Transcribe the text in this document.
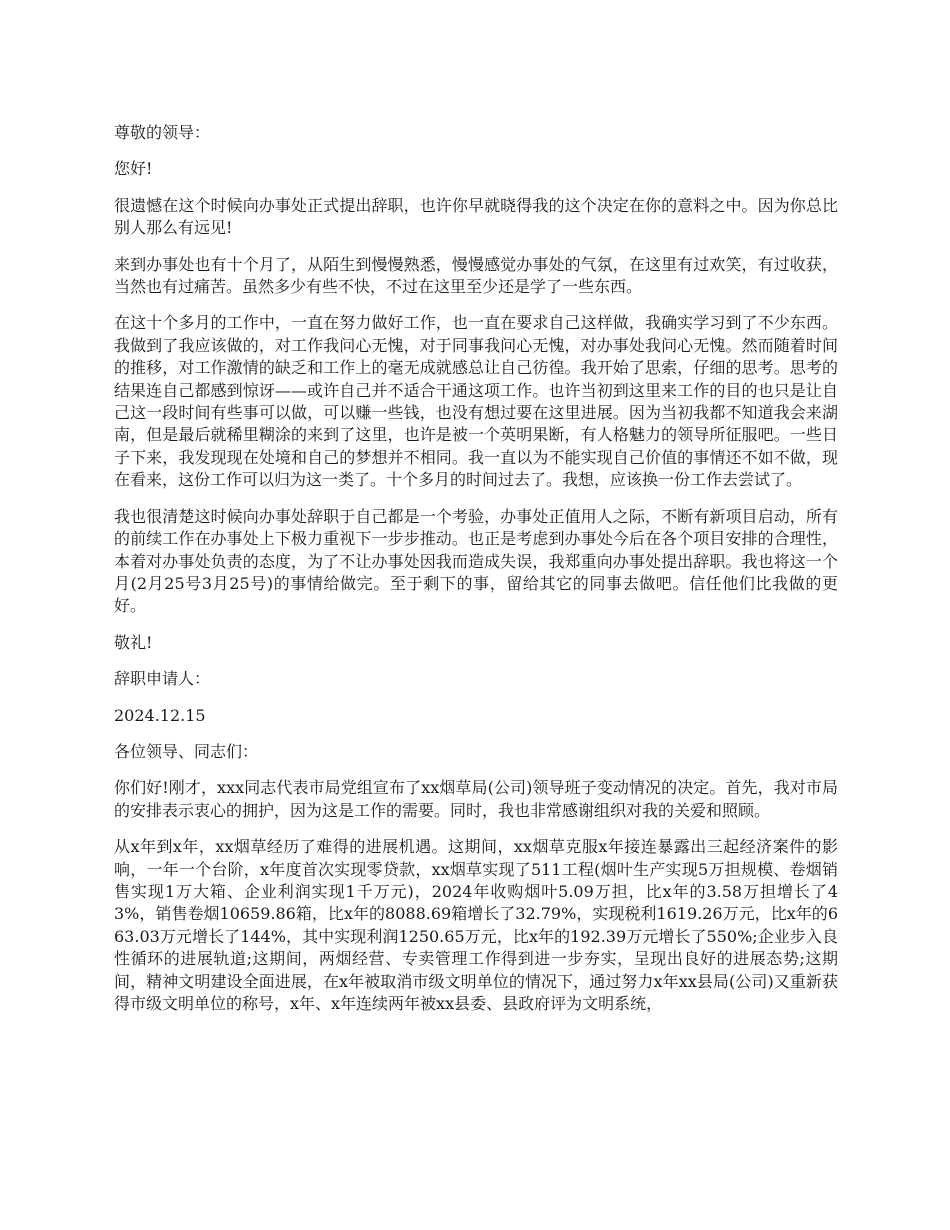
尊敬的领导：

您好!

很遗憾在这个时候向办事处正式提出辞职，也许你早就晓得我的这个决定在你的意料之中。因为你总比别人那么有远见!

来到办事处也有十个月了，从陌生到慢慢熟悉，慢慢感觉办事处的气氛，在这里有过欢笑，有过收获，当然也有过痛苦。虽然多少有些不快，不过在这里至少还是学了一些东西。

在这十个多月的工作中，一直在努力做好工作，也一直在要求自己这样做，我确实学习到了不少东西。我做到了我应该做的，对工作我问心无愧，对于同事我问心无愧，对办事处我问心无愧。然而随着时间的推移，对工作激情的缺乏和工作上的毫无成就感总让自己彷徨。我开始了思索，仔细的思考。思考的结果连自己都感到惊讶——或许自己并不适合干通这项工作。也许当初到这里来工作的目的也只是让自己这一段时间有些事可以做，可以赚一些钱，也没有想过要在这里进展。因为当初我都不知道我会来湖南，但是最后就稀里糊涂的来到了这里，也许是被一个英明果断，有人格魅力的领导所征服吧。一些日子下来，我发现现在处境和自己的梦想并不相同。我一直以为不能实现自己价值的事情还不如不做，现在看来，这份工作可以归为这一类了。十个多月的时间过去了。我想，应该换一份工作去尝试了。

我也很清楚这时候向办事处辞职于自己都是一个考验，办事处正值用人之际，不断有新项目启动，所有的前续工作在办事处上下极力重视下一步步推动。也正是考虑到办事处今后在各个项目安排的合理性，本着对办事处负责的态度，为了不让办事处因我而造成失误，我郑重向办事处提出辞职。我也将这一个月(2月25号3月25号)的事情给做完。至于剩下的事，留给其它的同事去做吧。信任他们比我做的更好。

敬礼!

辞职申请人：

2024.12.15

各位领导、同志们：

你们好!刚才，xxx同志代表市局党组宣布了xx烟草局(公司)领导班子变动情况的决定。首先，我对市局的安排表示衷心的拥护，因为这是工作的需要。同时，我也非常感谢组织对我的关爱和照顾。

从x年到x年，xx烟草经历了难得的进展机遇。这期间，xx烟草克服x年接连暴露出三起经济案件的影响，一年一个台阶，x年度首次实现零贷款，xx烟草实现了511工程(烟叶生产实现5万担规模、卷烟销售实现1万大箱、企业利润实现1千万元)，2024年收购烟叶5.09万担，比x年的3.58万担增长了43%，销售卷烟10659.86箱，比x年的8088.69箱增长了32.79%，实现税利1619.26万元，比x年的663.03万元增长了144%，其中实现利润1250.65万元，比x年的192.39万元增长了550%;企业步入良性循环的进展轨道;这期间，两烟经营、专卖管理工作得到进一步夯实，呈现出良好的进展态势;这期间，精神文明建设全面进展，在x年被取消市级文明单位的情况下，通过努力x年xx县局(公司)又重新获得市级文明单位的称号，x年、x年连续两年被xx县委、县政府评为文明系统，
